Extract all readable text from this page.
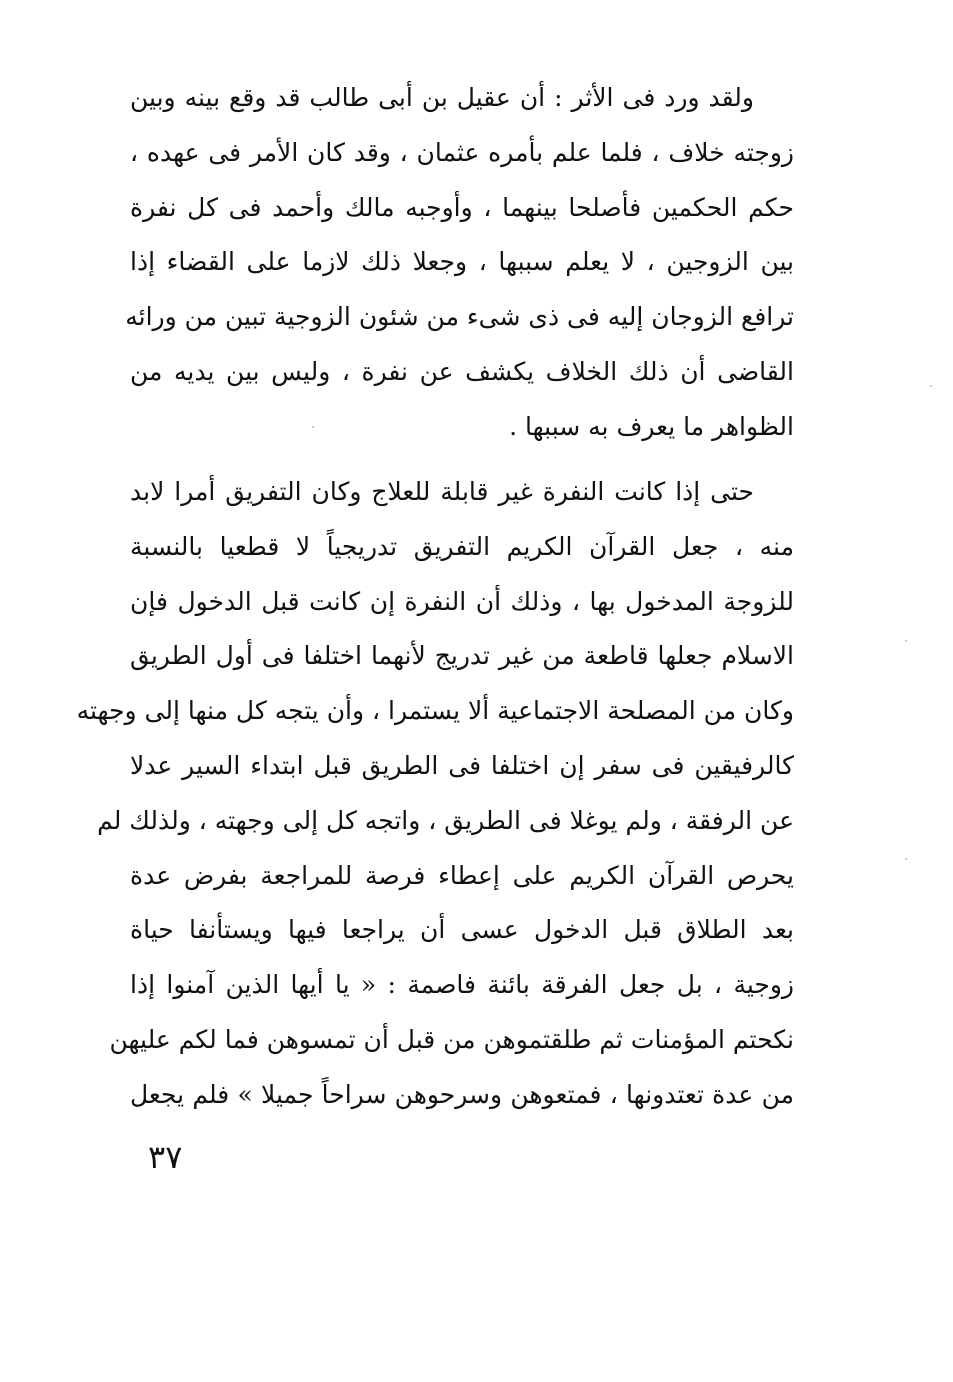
ولقد ورد فى الأثر : أن عقيل بن أبى طالب قد وقع بينه وبين
زوجته خلاف ، فلما علم بأمره عثمان ، وقد كان الأمر فى عهده ،
حكم الحكمين فأصلحا بينهما ، وأوجبه مالك وأحمد فى كل نفرة
بين الزوجين ، لا يعلم سببها ، وجعلا ذلك لازما على القضاء إذا
ترافع الزوجان إليه فى ذى شىء من شئون الزوجية تبين من ورائه
القاضى أن ذلك الخلاف يكشف عن نفرة ، وليس بين يديه من
الظواهر ما يعرف به سببها .
حتى إذا كانت النفرة غير قابلة للعلاج وكان التفريق أمرا لابد
منه ، جعل القرآن الكريم التفريق تدريجياً لا قطعيا بالنسبة
للزوجة المدخول بها ، وذلك أن النفرة إن كانت قبل الدخول فإن
الاسلام جعلها قاطعة من غير تدريج لأنهما اختلفا فى أول الطريق
وكان من المصلحة الاجتماعية ألا يستمرا ، وأن يتجه كل منها إلى وجهته
كالرفيقين فى سفر إن اختلفا فى الطريق قبل ابتداء السير عدلا
عن الرفقة ، ولم يوغلا فى الطريق ، واتجه كل إلى وجهته ، ولذلك لم
يحرص القرآن الكريم على إعطاء فرصة للمراجعة بفرض عدة
بعد الطلاق قبل الدخول عسى أن يراجعا فيها ويستأنفا حياة
زوجية ، بل جعل الفرقة بائنة فاصمة : « يا أيها الذين آمنوا إذا
نكحتم المؤمنات ثم طلقتموهن من قبل أن تمسوهن فما لكم عليهن
من عدة تعتدونها ، فمتعوهن وسرحوهن سراحاً جميلا » فلم يجعل
٣٧
